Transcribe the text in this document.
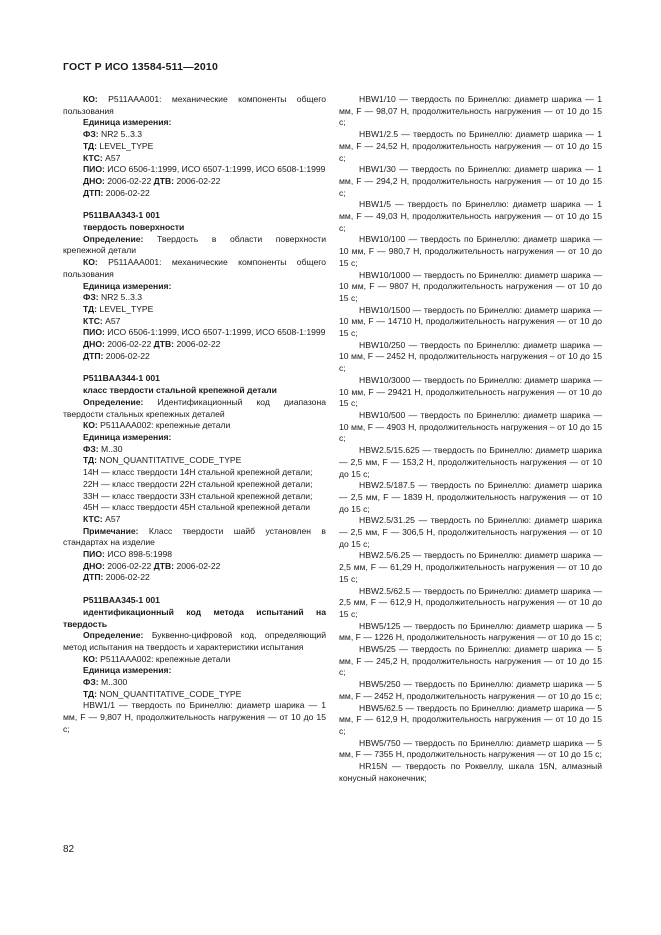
ГОСТ Р ИСО 13584-511—2010

КО: P511AAA001: механические компоненты общего пользования

Единица измерения:

ФЗ: NR2 5..3.3

ТД: LEVEL_TYPE

КТС: A57

ПИО: ИСО 6506-1:1999, ИСО 6507-1:1999, ИСО 6508-1:1999

ДНО: 2006-02-22 ДТВ: 2006-02-22

ДТП: 2006-02-22

P511BAA343-1 001

твердость поверхности

Определение: Твердость в области поверхности крепежной детали

КО: P511AAA001: механические компоненты общего пользования

Единица измерения:

ФЗ: NR2 5..3.3

ТД: LEVEL_TYPE

КТС: A57

ПИО: ИСО 6506-1:1999, ИСО 6507-1:1999, ИСО 6508-1:1999

ДНО: 2006-02-22 ДТВ: 2006-02-22

ДТП: 2006-02-22

P511BAA344-1 001

класс твердости стальной крепежной детали

Определение: Идентификационный код диапазона твердости стальных крепежных деталей

КО: P511AAA002: крепежные детали

Единица измерения:

ФЗ: M..30

ТД: NON_QUANTITATIVE_CODE_TYPE

14H — класс твердости 14H стальной крепежной детали;

22H — класс твердости 22H стальной крепежной детали;

33H — класс твердости 33H стальной крепежной детали;

45H — класс твердости 45H стальной крепежной детали

КТС: A57

Примечание: Класс твердости шайб установлен в стандартах на изделие

ПИО: ИСО 898-5:1998

ДНО: 2006-02-22 ДТВ: 2006-02-22

ДТП: 2006-02-22

P511BAA345-1 001

идентификационный код метода испытаний на твердость

Определение: Буквенно-цифровой код, определяющий метод испытания на твердость и характеристики испытания

КО: P511AAA002: крепежные детали

Единица измерения:

ФЗ: M..300

ТД: NON_QUANTITATIVE_CODE_TYPE

HBW1/1 — твердость по Бринеллю: диаметр шарика — 1 мм, F — 9,807 Н, продолжительность нагружения — от 10 до 15 с;

HBW1/10 — твердость по Бринеллю: диаметр шарика — 1 мм, F — 98,07 Н, продолжительность нагружения — от 10 до 15 с;

HBW1/2.5 — твердость по Бринеллю: диаметр шарика — 1 мм, F — 24,52 Н, продолжительность нагружения — от 10 до 15 с;

HBW1/30 — твердость по Бринеллю: диаметр шарика — 1 мм, F — 294,2 Н, продолжительность нагружения — от 10 до 15 с;

HBW1/5 — твердость по Бринеллю: диаметр шарика — 1 мм, F — 49,03 Н, продолжительность нагружения — от 10 до 15 с;

HBW10/100 — твердость по Бринеллю: диаметр шарика — 10 мм, F — 980,7 Н, продолжительность нагружения — от 10 до 15 с;

HBW10/1000 — твердость по Бринеллю: диаметр шарика — 10 мм, F — 9807 Н, продолжительность нагружения — от 10 до 15 с;

HBW10/1500 — твердость по Бринеллю: диаметр шарика — 10 мм, F — 14710 Н, продолжительность нагружения — от 10 до 15 с;

HBW10/250 — твердость по Бринеллю: диаметр шарика — 10 мм, F — 2452 Н, продолжительность нагружения – от 10 до 15 с;

HBW10/3000 — твердость по Бринеллю: диаметр шарика — 10 мм, F — 29421 Н, продолжительность нагружения — от 10 до 15 с;

HBW10/500 — твердость по Бринеллю: диаметр шарика — 10 мм, F — 4903 Н, продолжительность нагружения – от 10 до 15 с;

HBW2.5/15.625 — твердость по Бринеллю: диаметр шарика — 2,5 мм, F — 153,2 Н, продолжительность нагружения — от 10 до 15 с;

HBW2.5/187.5 — твердость по Бринеллю: диаметр шарика — 2,5 мм, F — 1839 Н, продолжительность нагружения — от 10 до 15 с;

HBW2.5/31.25 — твердость по Бринеллю: диаметр шарика — 2,5 мм, F — 306,5 Н, продолжительность нагружения — от 10 до 15 с;

HBW2.5/6.25 — твердость по Бринеллю: диаметр шарика — 2,5 мм, F — 61,29 Н, продолжительность нагружения — от 10 до 15 с;

HBW2.5/62.5 — твердость по Бринеллю: диаметр шарика — 2,5 мм, F — 612,9 Н, продолжительность нагружения — от 10 до 15 с;

HBW5/125 — твердость по Бринеллю: диаметр шарика — 5 мм, F — 1226 Н, продолжительность нагружения — от 10 до 15 с;

HBW5/25 — твердость по Бринеллю: диаметр шарика — 5 мм, F — 245,2 Н, продолжительность нагружения — от 10 до 15 с;

HBW5/250 — твердость по Бринеллю: диаметр шарика — 5 мм, F — 2452 Н, продолжительность нагружения — от 10 до 15 с;

HBW5/62.5 — твердость по Бринеллю: диаметр шарика — 5 мм, F — 612,9 Н, продолжительность нагружения — от 10 до 15 с;

HBW5/750 — твердость по Бринеллю: диаметр шарика — 5 мм, F — 7355 Н, продолжительность нагружения — от 10 до 15 с;

HR15N — твердость по Роквеллу, шкала 15N, алмазный конусный наконечник;

82
